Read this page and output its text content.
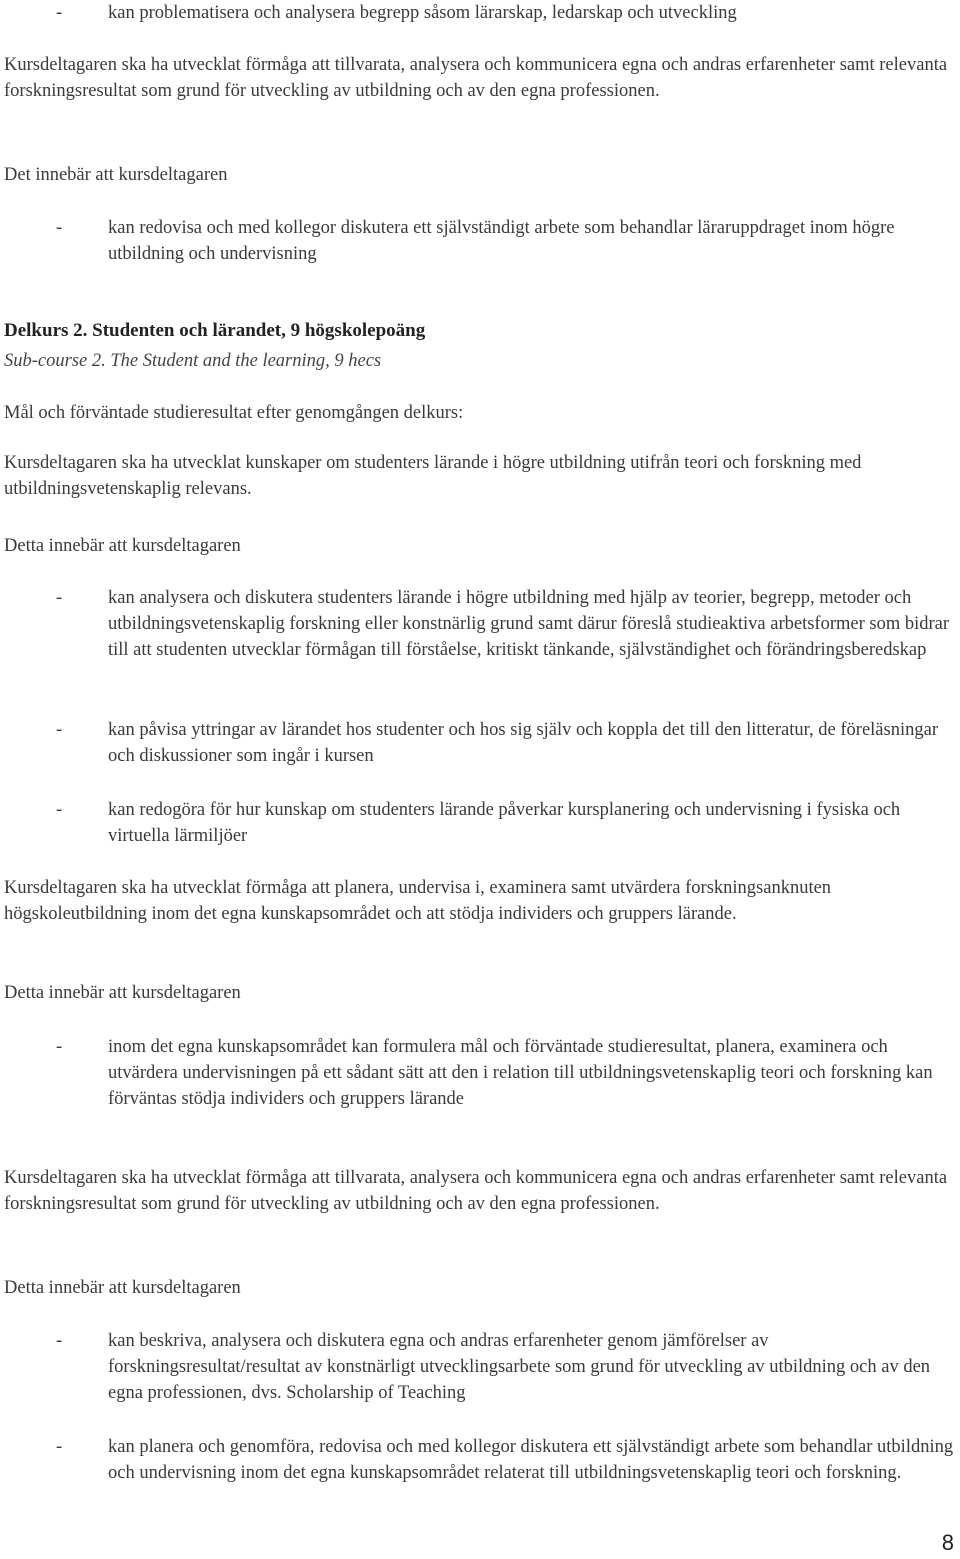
- kan problematisera och analysera begrepp såsom lärarskap, ledarskap och utveckling

Kursdeltagaren ska ha utvecklat förmåga att tillvarata, analysera och kommunicera egna och andras erfarenheter samt relevanta forskningsresultat som grund för utveckling av utbildning och av den egna professionen.

Det innebär att kursdeltagaren

- kan redovisa och med kollegor diskutera ett självständigt arbete som behandlar läraruppdraget inom högre utbildning och undervisning
Delkurs 2. Studenten och lärandet, 9 högskolepoäng
Sub-course 2. The Student and the learning, 9 hecs

Mål och förväntade studieresultat efter genomgången delkurs:

Kursdeltagaren ska ha utvecklat kunskaper om studenters lärande i högre utbildning utifrån teori och forskning med utbildningsvetenskaplig relevans.

Detta innebär att kursdeltagaren

- kan analysera och diskutera studenters lärande i högre utbildning med hjälp av teorier, begrepp, metoder och utbildningsvetenskaplig forskning eller konstnärlig grund samt därur föreslå studieaktiva arbetsformer som bidrar till att studenten utvecklar förmågan till förståelse, kritiskt tänkande, självständighet och förändringsberedskap
- kan påvisa yttringar av lärandet hos studenter och hos sig själv och koppla det till den litteratur, de föreläsningar och diskussioner som ingår i kursen
- kan redogöra för hur kunskap om studenters lärande påverkar kursplanering och undervisning i fysiska och virtuella lärmiljöer

Kursdeltagaren ska ha utvecklat förmåga att planera, undervisa i, examinera samt utvärdera forskningsanknuten högskoleutbildning inom det egna kunskapsområdet och att stödja individers och gruppers lärande.

Detta innebär att kursdeltagaren

- inom det egna kunskapsområdet kan formulera mål och förväntade studieresultat, planera, examinera och utvärdera undervisningen på ett sådant sätt att den i relation till utbildningsvetenskaplig teori och forskning kan förväntas stödja individers och gruppers lärande

Kursdeltagaren ska ha utvecklat förmåga att tillvarata, analysera och kommunicera egna och andras erfarenheter samt relevanta forskningsresultat som grund för utveckling av utbildning och av den egna professionen.

Detta innebär att kursdeltagaren

- kan beskriva, analysera och diskutera egna och andras erfarenheter genom jämförelser av forskningsresultat/resultat av konstnärligt utvecklingsarbete som grund för utveckling av utbildning och av den egna professionen, dvs. Scholarship of Teaching
- kan planera och genomföra, redovisa och med kollegor diskutera ett självständigt arbete som behandlar utbildning och undervisning inom det egna kunskapsområdet relaterat till utbildningsvetenskaplig teori och forskning.
8
